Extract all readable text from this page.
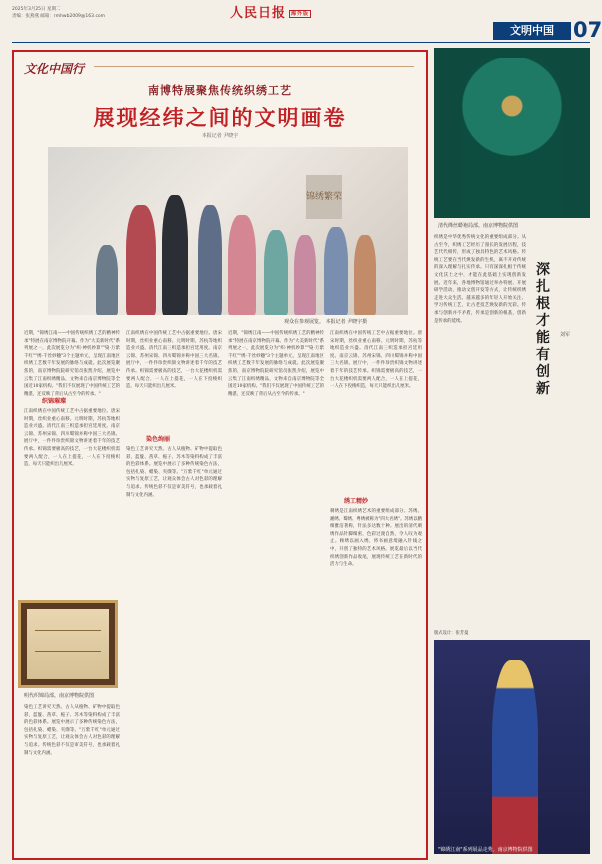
2025年3月25日 星期二
责编：张燕燕 邮箱：rmhwb2009@163.com	人民日报 海外版
文明中国 07
文化中国行
南博特展聚焦传统织绣工艺
展现经纬之间的文明画卷
本报记者 尹晓宇
锦绣繁荣
观众在参观展览。 本报记者 尹晓宇摄
近期，"锦绣江南——中国传统织绣工艺的精神传承"特展在南京博物院开幕。作为"大美新时代"系列展之一，此次展览分为"织·神机妙算""染·万紫千红""绣·千丝妙穗"3个主题单元，呈现江南地区织绣工艺数千年发展的脉络与成就。此次展览聚焦的，南京博物院院研究馆员张凯介绍，展览中云集了江南织绣精品，文物来自南京博物院等全国近10家机构。"我们不仅展现了中国传统工艺的精湛，还反映了背后从古至今的传承。"
织锦璀璨
江南织绣在中国传统工艺中占据重要地位。唐宋时期，丝织业重心南移。元明时期，苏杭等地织造业兴盛。清代江南三织造承担宫廷用度。南京云锦、苏州宋锦、四川蜀锦并称中国三大名锦。展厅中，一件件珍贵织锦文物讲述着千年的技艺传承。织锦需要极高的技艺，一台大花楼织机需要两人配合，一人在上提花，一人在下投梭织造，每天只能织出几厘米。
明代织锦局部。南京博物院供图
染色工艺讲究天然。古人从植物、矿物中提取色彩，蓝靛、茜草、栀子、苏木等染料构成了丰富的色彩体系。展览中展示了多种传统染色方法，包括扎染、蜡染、夹缬等。"万紫千红"单元通过实物与复原工艺，让观众体会古人对色彩的理解与追求。传统色彩不仅是审美符号，也承载着礼制与文化内涵。
江南织绣在中国传统工艺中占据重要地位。唐宋时期，丝织业重心南移。元明时期，苏杭等地织造业兴盛。清代江南三织造承担宫廷用度。南京云锦、苏州宋锦、四川蜀锦并称中国三大名锦。展厅中，一件件珍贵织锦文物讲述着千年的技艺传承。织锦需要极高的技艺，一台大花楼织机需要两人配合，一人在上提花，一人在下投梭织造，每天只能织出几厘米。
染色绚丽
染色工艺讲究天然。古人从植物、矿物中提取色彩，蓝靛、茜草、栀子、苏木等染料构成了丰富的色彩体系。展览中展示了多种传统染色方法，包括扎染、蜡染、夹缬等。"万紫千红"单元通过实物与复原工艺，让观众体会古人对色彩的理解与追求。传统色彩不仅是审美符号，也承载着礼制与文化内涵。
近期，"锦绣江南——中国传统织绣工艺的精神传承"特展在南京博物院开幕。作为"大美新时代"系列展之一，此次展览分为"织·神机妙算""染·万紫千红""绣·千丝妙穗"3个主题单元，呈现江南地区织绣工艺数千年发展的脉络与成就。此次展览聚焦的，南京博物院院研究馆员张凯介绍，展览中云集了江南织绣精品，文物来自南京博物院等全国近10家机构。"我们不仅展现了中国传统工艺的精湛，还反映了背后从古至今的传承。"
绣工精妙
江南织绣在中国传统工艺中占据重要地位。唐宋时期，丝织业重心南移。元明时期，苏杭等地织造业兴盛。清代江南三织造承担宫廷用度。南京云锦、苏州宋锦、四川蜀锦并称中国三大名锦。展厅中，一件件珍贵织锦文物讲述着千年的技艺传承。织锦需要极高的技艺，一台大花楼织机需要两人配合，一人在上提花，一人在下投梭织造，每天只能织出几厘米。
刺绣是江南织绣艺术的重要组成部分。苏绣、湘绣、蜀绣、粤绣被称为"四大名绣"。苏绣以精细雅洁著称，针法多达数十种。展出的清代刺绣作品针脚细密，色彩过渡自然，令人叹为观止。顾绣以画入绣，将书画意境融入针线之中，开创了独特的艺术风格。展览最后以当代织绣创新作品收尾，展现传统工艺在新时代的活力与生命。
清代缂丝蟒袍局部。南京博物院供图
织绣是中华优秀传统文化的重要组成部分。从古至今，织绣工艺经历了漫长的发展历程，技艺代代相传，形成了独具特色的艺术风格。传统工艺要在当代焕发新的生机，离不开对传统的深入理解与扎实传承。只有深深扎根于传统文化沃土之中，才能在此基础上实现创新发展。近年来，各地博物馆通过举办特展、开展研学活动、推动文创开发等方式，让传统织绣走进大众生活。越来越多的年轻人开始关注、学习传统工艺，让古老技艺焕发新的光彩。传承与创新并不矛盾，传承是创新的根基，创新是传承的延续。
深扎根才能有创新
刘军
"锦绣江南"系列展品走秀。南京博物院供图
版式设计：张芳曼
